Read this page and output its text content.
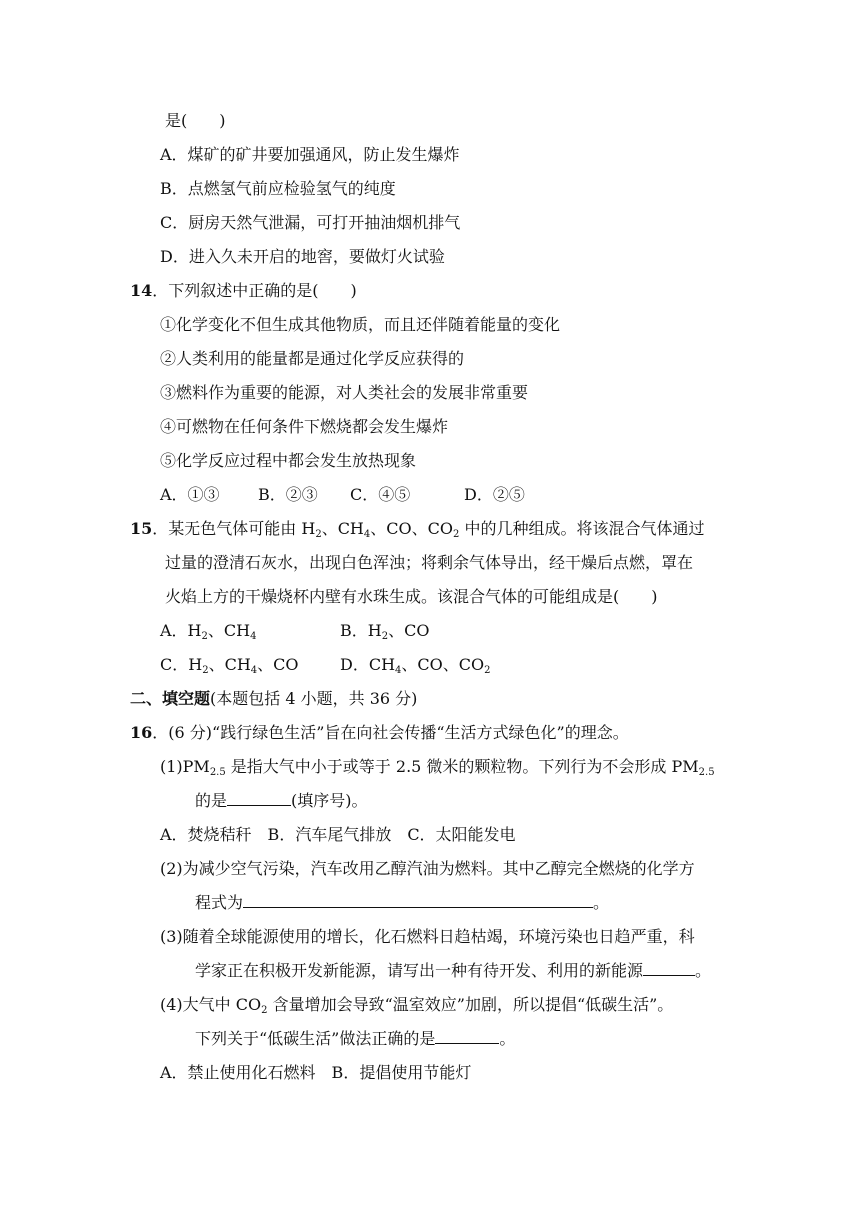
是(　　)
A．煤矿的矿井要加强通风，防止发生爆炸
B．点燃氢气前应检验氢气的纯度
C．厨房天然气泄漏，可打开抽油烟机排气
D．进入久未开启的地窖，要做灯火试验
14．下列叙述中正确的是(　　)
①化学变化不但生成其他物质，而且还伴随着能量的变化
②人类利用的能量都是通过化学反应获得的
③燃料作为重要的能源，对人类社会的发展非常重要
④可燃物在任何条件下燃烧都会发生爆炸
⑤化学反应过程中都会发生放热现象
A．①③ B．②③ C．④⑤	D．②⑤
15．某无色气体可能由 $H_2$、$CH_4$、CO、$CO_2$ 中的几种组成。将该混合气体通过
过量的澄清石灰水，出现白色浑浊；将剩余气体导出，经干燥后点燃，罩在
火焰上方的干燥烧杯内壁有水珠生成。该混合气体的可能组成是(　　)
A．$H_2$、$CH_4$	B．$H_2$、CO
C．$H_2$、$CH_4$、CO	D．$CH_4$、CO、$CO_2$
二、填空题(本题包括 4 小题，共 36 分)
16．(6 分)“践行绿色生活”旨在向社会传播“生活方式绿色化”的理念。
$(1)PM_{2.5}$ 是指大气中小于或等于 2.5 微米的颗粒物。下列行为不会形成 $PM_{2.5}$
的是	(填序号)。
A．焚烧秸秆　B．汽车尾气排放　C．太阳能发电
(2)为减少空气污染，汽车改用乙醇汽油为燃料。其中乙醇完全燃烧的化学方
程式为	。
(3)随着全球能源使用的增长，化石燃料日趋枯竭，环境污染也日趋严重，科
学家正在积极开发新能源，请写出一种有待开发、利用的新能源	。
(4)大气中 $CO_2$ 含量增加会导致“温室效应”加剧，所以提倡“低碳生活”。
下列关于“低碳生活”做法正确的是	。
A．禁止使用化石燃料　B．提倡使用节能灯
